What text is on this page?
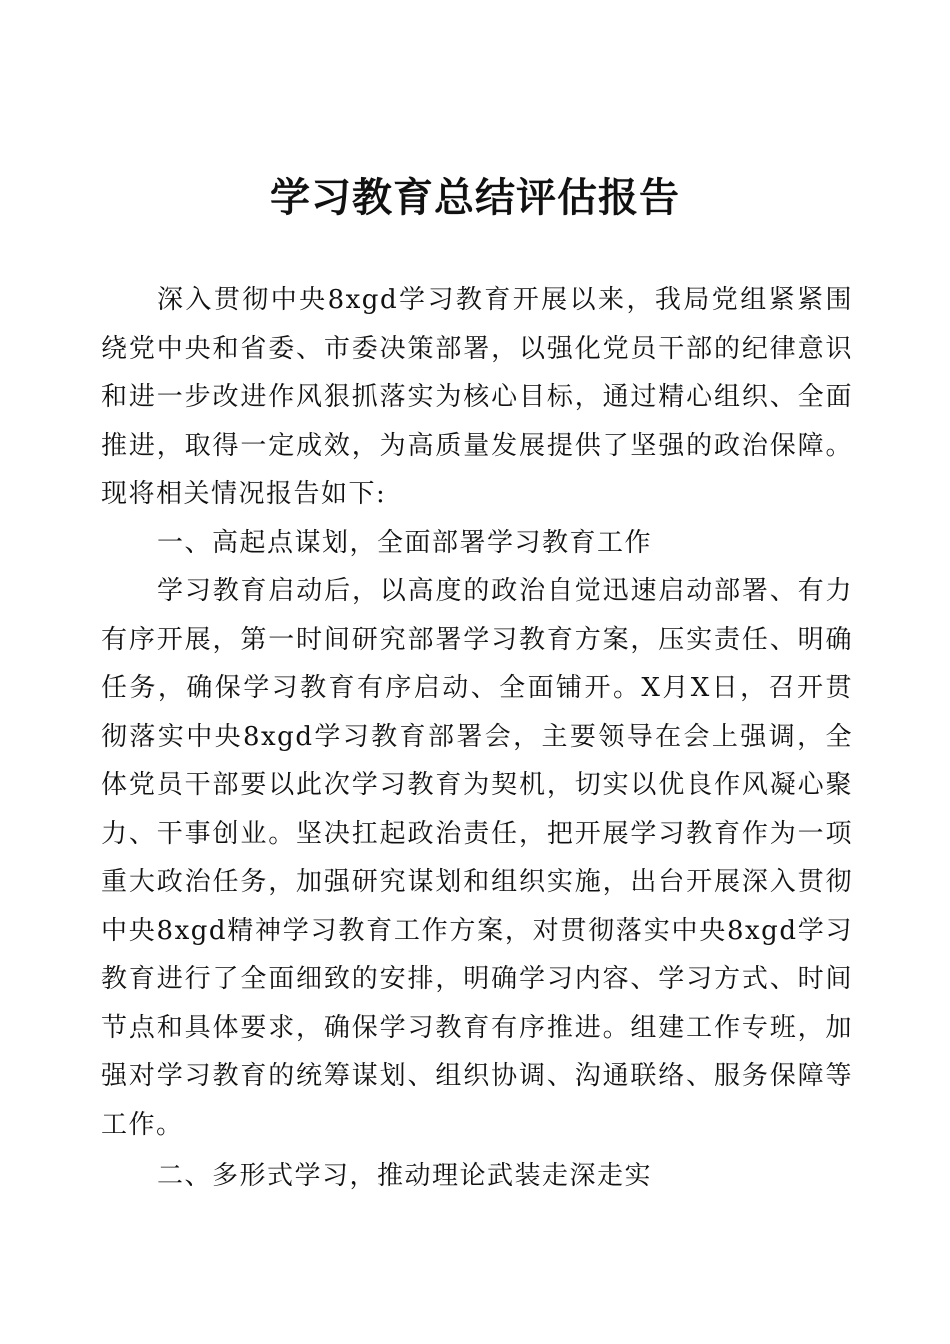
学习教育总结评估报告

深入贯彻中央8xgd学习教育开展以来，我局党组紧紧围绕党中央和省委、市委决策部署，以强化党员干部的纪律意识和进一步改进作风狠抓落实为核心目标，通过精心组织、全面推进，取得一定成效，为高质量发展提供了坚强的政治保障。现将相关情况报告如下:

一、高起点谋划，全面部署学习教育工作

学习教育启动后，以高度的政治自觉迅速启动部署、有力有序开展，第一时间研究部署学习教育方案，压实责任、明确任务，确保学习教育有序启动、全面铺开。X月X日，召开贯彻落实中央8xgd学习教育部署会，主要领导在会上强调，全体党员干部要以此次学习教育为契机，切实以优良作风凝心聚力、干事创业。坚决扛起政治责任，把开展学习教育作为一项重大政治任务，加强研究谋划和组织实施，出台开展深入贯彻中央8xgd精神学习教育工作方案，对贯彻落实中央8xgd学习教育进行了全面细致的安排，明确学习内容、学习方式、时间节点和具体要求，确保学习教育有序推进。组建工作专班，加强对学习教育的统筹谋划、组织协调、沟通联络、服务保障等工作。

二、多形式学习，推动理论武装走深走实
